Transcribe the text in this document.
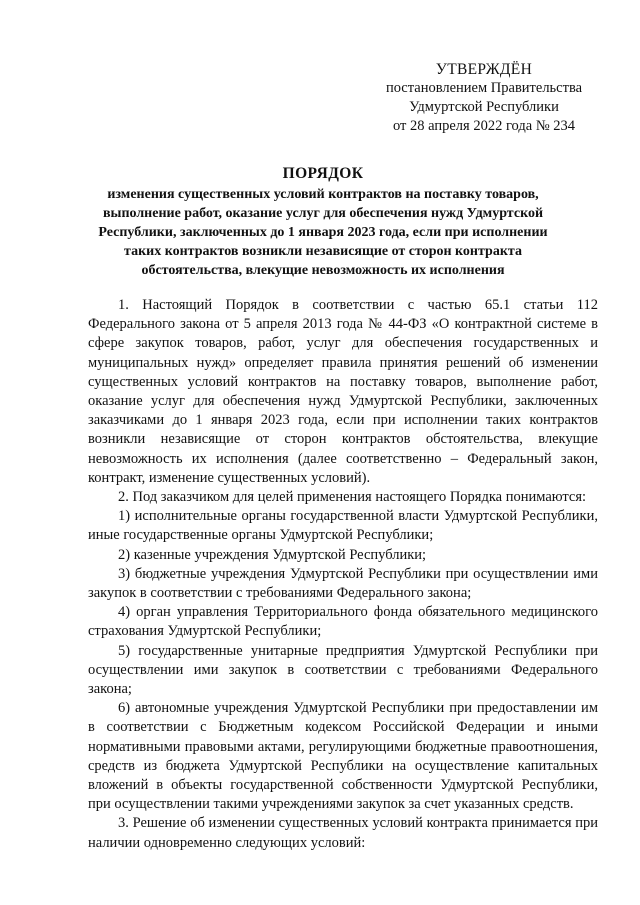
УТВЕРЖДЁН
постановлением Правительства
Удмуртской Республики
от 28 апреля 2022 года № 234
ПОРЯДОК
изменения существенных условий контрактов на поставку товаров, выполнение работ, оказание услуг для обеспечения нужд Удмуртской Республики, заключенных до 1 января 2023 года, если при исполнении таких контрактов возникли независящие от сторон контракта обстоятельства, влекущие невозможность их исполнения

1. Настоящий Порядок в соответствии с частью 65.1 статьи 112 Федерального закона от 5 апреля 2013 года № 44-ФЗ «О контрактной системе в сфере закупок товаров, работ, услуг для обеспечения государственных и муниципальных нужд» определяет правила принятия решений об изменении существенных условий контрактов на поставку товаров, выполнение работ, оказание услуг для обеспечения нужд Удмуртской Республики, заключенных заказчиками до 1 января 2023 года, если при исполнении таких контрактов возникли независящие от сторон контрактов обстоятельства, влекущие невозможность их исполнения (далее соответственно – Федеральный закон, контракт, изменение существенных условий).

2. Под заказчиком для целей применения настоящего Порядка понимаются:

1) исполнительные органы государственной власти Удмуртской Республики, иные государственные органы Удмуртской Республики;

2) казенные учреждения Удмуртской Республики;

3) бюджетные учреждения Удмуртской Республики при осуществлении ими закупок в соответствии с требованиями Федерального закона;

4) орган управления Территориального фонда обязательного медицинского страхования Удмуртской Республики;

5) государственные унитарные предприятия Удмуртской Республики при осуществлении ими закупок в соответствии с требованиями Федерального закона;

6) автономные учреждения Удмуртской Республики при предоставлении им в соответствии с Бюджетным кодексом Российской Федерации и иными нормативными правовыми актами, регулирующими бюджетные правоотношения, средств из бюджета Удмуртской Республики на осуществление капитальных вложений в объекты государственной собственности Удмуртской Республики, при осуществлении такими учреждениями закупок за счет указанных средств.

3. Решение об изменении существенных условий контракта принимается при наличии одновременно следующих условий:
